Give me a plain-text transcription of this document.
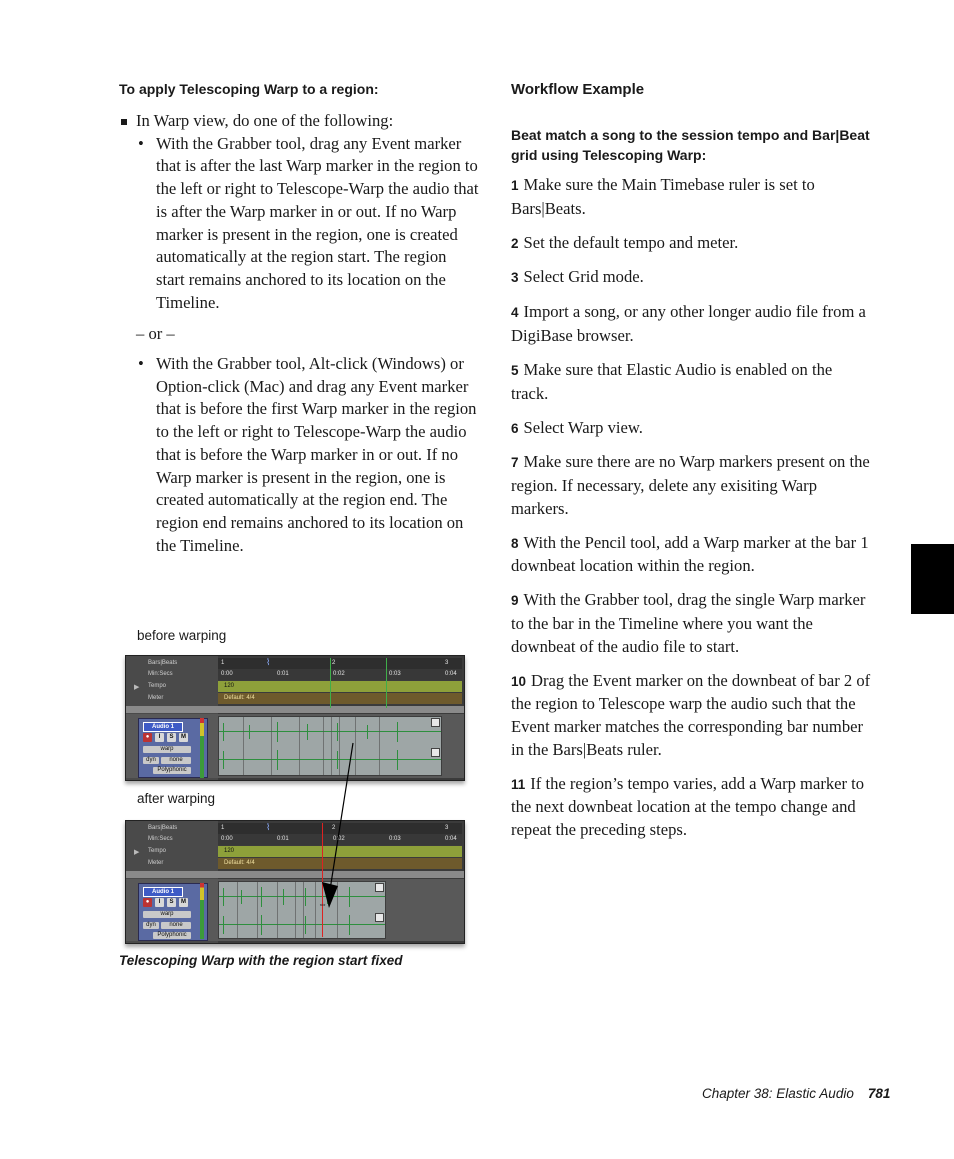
To apply Telescoping Warp to a region:
In Warp view, do one of the following:
• With the Grabber tool, drag any Event marker that is after the last Warp marker in the region to the left or right to Telescope-Warp the audio that is after the Warp marker in or out. If no Warp marker is present in the region, one is created automatically at the region start. The region start remains anchored to its location on the Timeline.
– or –
• With the Grabber tool, Alt-click (Windows) or Option-click (Mac) and drag any Event marker that is before the first Warp marker in the region to the left or right to Telescope-Warp the audio that is before the Warp marker in or out. If no Warp marker is present in the region, one is created automatically at the region end. The region end remains anchored to its location on the Timeline.
before warping
after warping
Telescoping Warp with the region start fixed
Bars|Beats	1	2	3
⌇
Min:Secs	0:00	0:01	0:02	0:03	0:04
▶ Tempo	120
Meter	Default: 4/4
Audio 1
●	I	S	M
warp
dyn	none
Polyphonic
Bars|Beats	1	2	3
⌇
Min:Secs	0:00	0:01	0:02	0:03	0:04
▶ Tempo	120
Meter	Default: 4/4
Audio 1
●	I	S	M
warp
dyn	none
Polyphonic
⇔
Workflow Example
Beat match a song to the session tempo and Bar|Beat grid using Telescoping Warp:

1 Make sure the Main Timebase ruler is set to Bars|Beats.

2 Set the default tempo and meter.

3 Select Grid mode.

4 Import a song, or any other longer audio file from a DigiBase browser.

5 Make sure that Elastic Audio is enabled on the track.

6 Select Warp view.

7 Make sure there are no Warp markers present on the region. If necessary, delete any exisiting Warp markers.

8 With the Pencil tool, add a Warp marker at the bar 1 downbeat location within the region.

9 With the Grabber tool, drag the single Warp marker to the bar in the Timeline where you want the downbeat of the audio file to start.

10 Drag the Event marker on the downbeat of bar 2 of the region to Telescope warp the audio such that the Event marker matches the corresponding bar number in the Bars|Beats ruler.

11 If the region’s tempo varies, add a Warp marker to the next downbeat location at the tempo change and repeat the preceding steps.

Chapter 38: Elastic Audio 781
